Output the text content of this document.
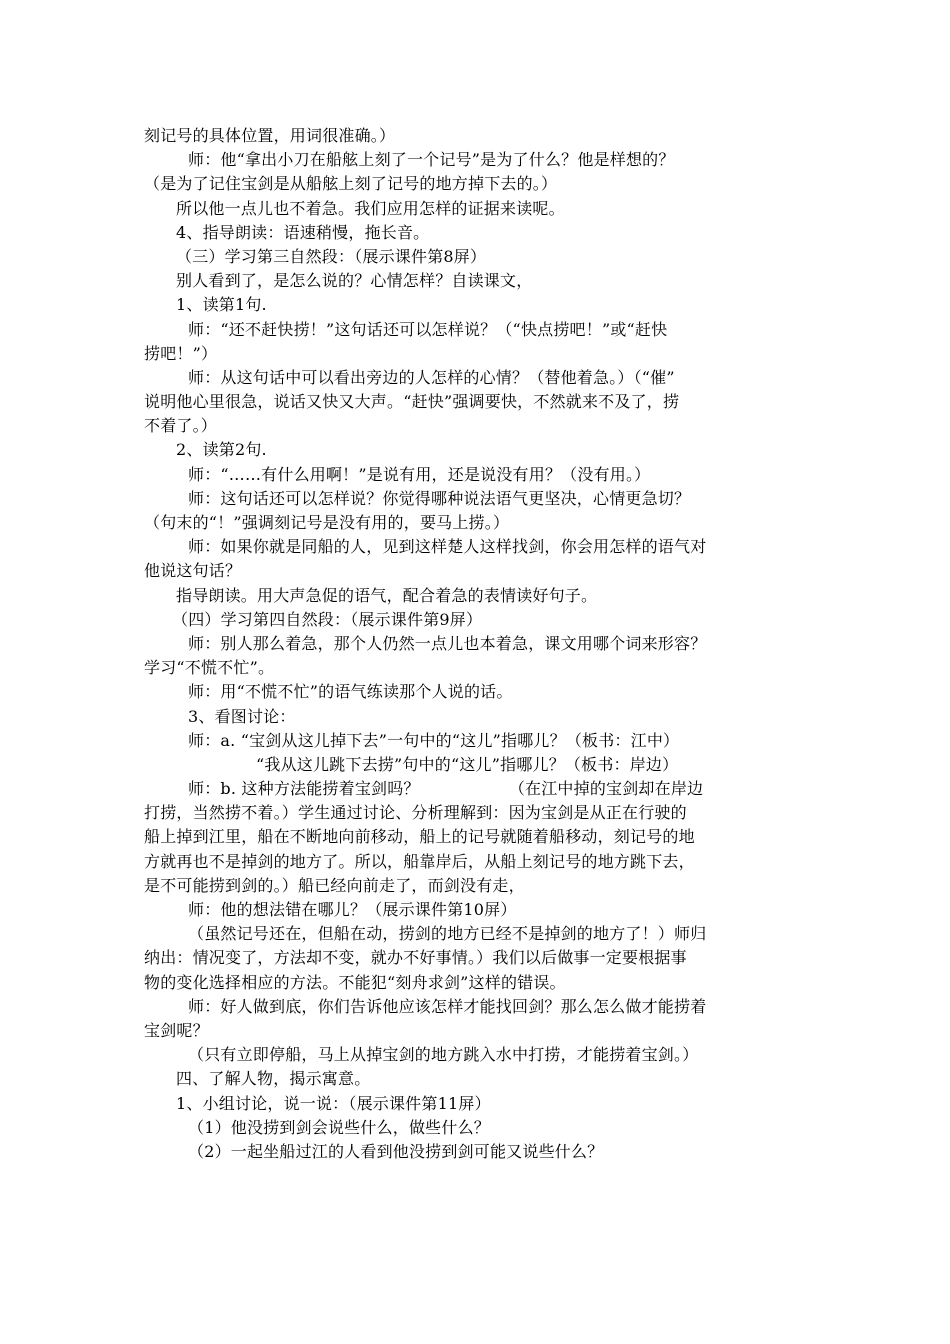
刻记号的具体位置，用词很准确。）
师：他“拿出小刀在船舷上刻了一个记号”是为了什么？他是样想的？
（是为了记住宝剑是从船舷上刻了记号的地方掉下去的。）
所以他一点儿也不着急。我们应用怎样的证据来读呢。
4、指导朗读：语速稍慢，拖长音。
（三）学习第三自然段：（展示课件第8屏）
别人看到了，是怎么说的？心情怎样？自读课文，
1、读第1句.
师：“还不赶快捞！”这句话还可以怎样说？（“快点捞吧！”或“赶快
捞吧！”）
师：从这句话中可以看出旁边的人怎样的心情？（替他着急。）（“催”
说明他心里很急，说话又快又大声。“赶快”强调要快，不然就来不及了，捞
不着了。）
2、读第2句.
师：“……有什么用啊！”是说有用，还是说没有用？（没有用。）
师：这句话还可以怎样说？你觉得哪种说法语气更坚决，心情更急切？
（句末的“！”强调刻记号是没有用的，要马上捞。）
师：如果你就是同船的人，见到这样楚人这样找剑，你会用怎样的语气对
他说这句话？
指导朗读。用大声急促的语气，配合着急的表情读好句子。
（四）学习第四自然段：（展示课件第9屏）
师：别人那么着急，那个人仍然一点儿也本着急，课文用哪个词来形容？
学习“不慌不忙”。
师：用“不慌不忙”的语气练读那个人说的话。
3、看图讨论：
师：a. “宝剑从这儿掉下去”一句中的“这儿”指哪儿？（板书：江中）
“我从这儿跳下去捞”句中的“这儿”指哪儿？（板书：岸边）
师：b. 这种方法能捞着宝剑吗？　　　　　　（在江中掉的宝剑却在岸边
打捞，当然捞不着。）学生通过讨论、分析理解到：因为宝剑是从正在行驶的
船上掉到江里，船在不断地向前移动，船上的记号就随着船移动，刻记号的地
方就再也不是掉剑的地方了。所以，船靠岸后，从船上刻记号的地方跳下去，
是不可能捞到剑的。）船已经向前走了，而剑没有走，
师：他的想法错在哪儿？（展示课件第10屏）
（虽然记号还在，但船在动，捞剑的地方已经不是掉剑的地方了！）师归
纳出：情况变了，方法却不变，就办不好事情。）我们以后做事一定要根据事
物的变化选择相应的方法。不能犯“刻舟求剑”这样的错误。
师：好人做到底，你们告诉他应该怎样才能找回剑？那么怎么做才能捞着
宝剑呢？
（只有立即停船，马上从掉宝剑的地方跳入水中打捞，才能捞着宝剑。）
四、了解人物，揭示寓意。
1、小组讨论，说一说：（展示课件第11屏）
（1）他没捞到剑会说些什么，做些什么？
（2）一起坐船过江的人看到他没捞到剑可能又说些什么？
